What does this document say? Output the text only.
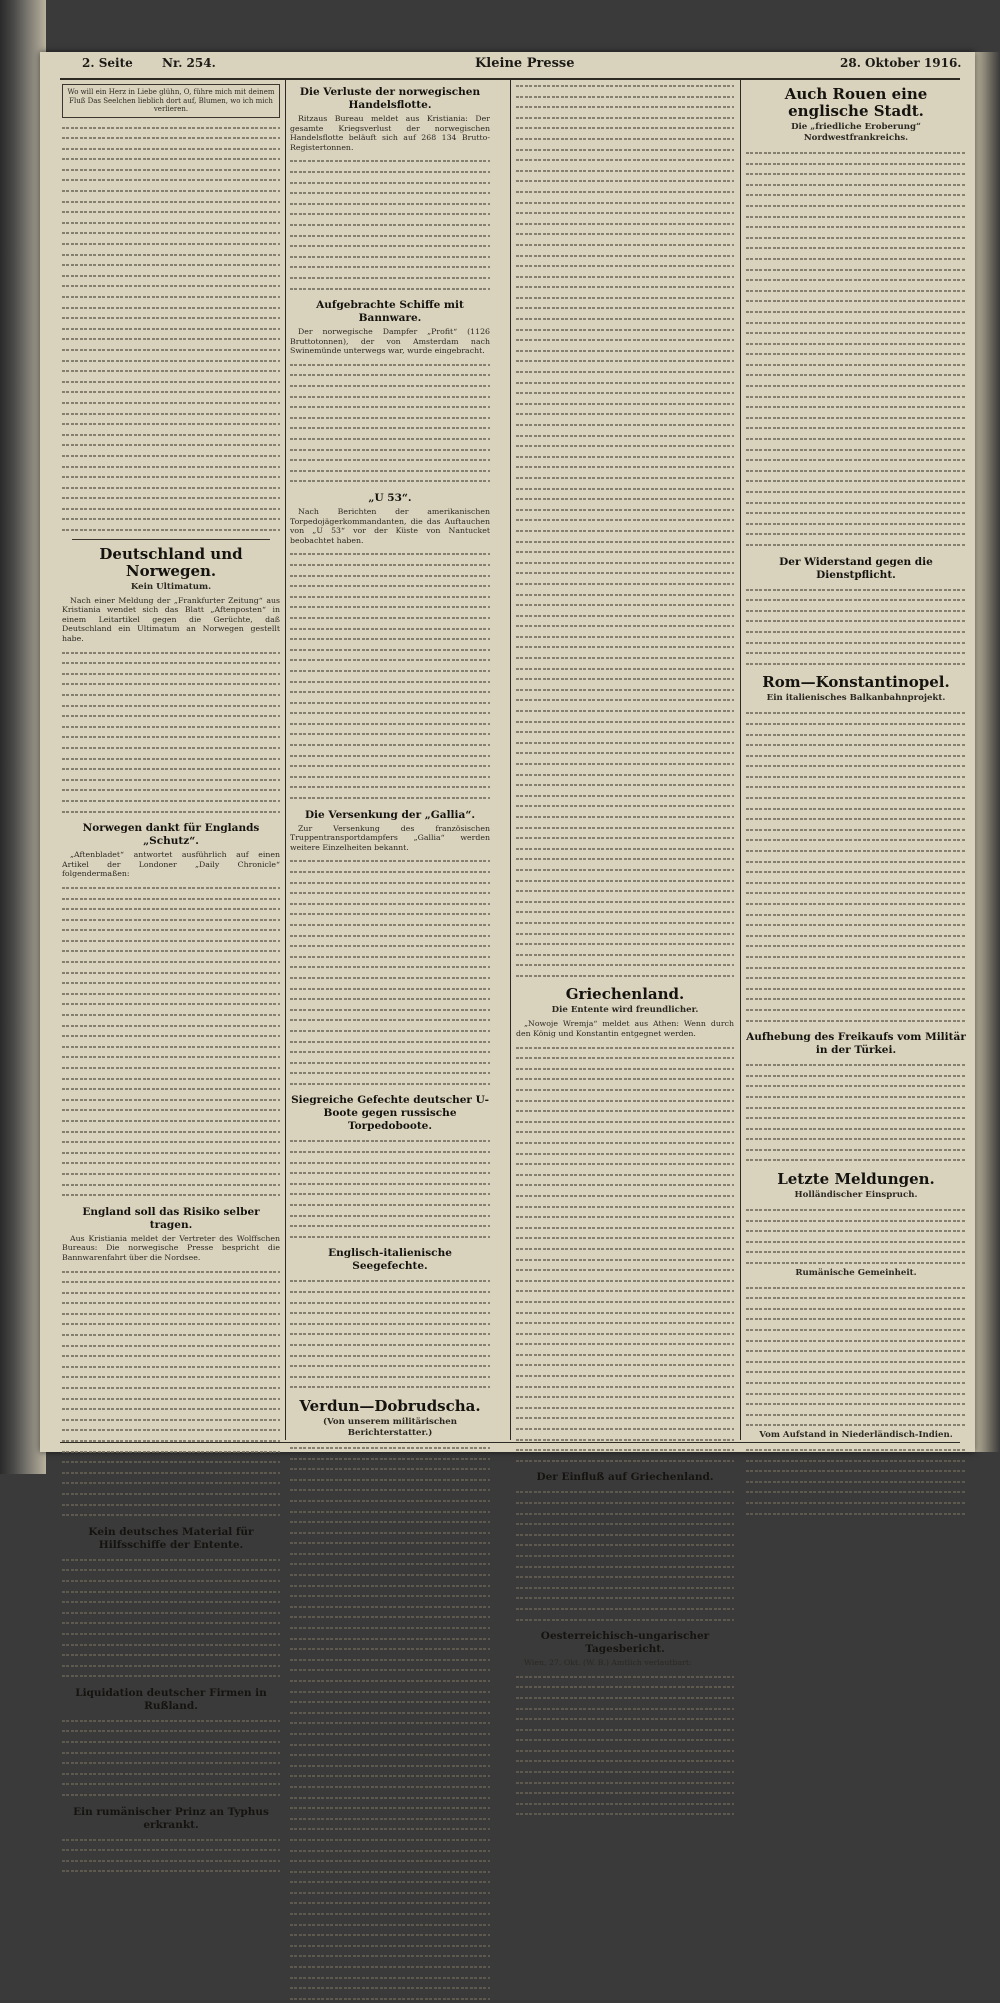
2. Seite Nr. 254.	Kleine Presse	28. Oktober 1916.
Wo will ein Herz in Liebe glühn, O, führe mich mit deinem Fluß Das Seelchen lieblich dort auf, Blumen, wo ich mich verlieren.
Deutschland und Norwegen.
Kein Ultimatum.

Nach einer Meldung der „Frankfurter Zeitung“ aus Kristiania wendet sich das Blatt „Aftenposten“ in einem Leitartikel gegen die Gerüchte, daß Deutschland ein Ultimatum an Norwegen gestellt habe.

Norwegen dankt für Englands „Schutz“.

„Aftenbladet“ antwortet ausführlich auf einen Artikel der Londoner „Daily Chronicle“ folgendermaßen:

England soll das Risiko selber tragen.

Aus Kristiania meldet der Vertreter des Wolffschen Bureaus: Die norwegische Presse bespricht die Bannwarenfahrt über die Nordsee.

Kein deutsches Material für Hilfsschiffe der Entente.
Liquidation deutscher Firmen in Rußland.
Ein rumänischer Prinz an Typhus erkrankt.
Die Verluste der norwegischen Handelsflotte.

Ritzaus Bureau meldet aus Kristiania: Der gesamte Kriegsverlust der norwegischen Handelsflotte beläuft sich auf 268 134 Brutto-Registertonnen.

Aufgebrachte Schiffe mit Bannware.

Der norwegische Dampfer „Profit“ (1126 Bruttotonnen), der von Amsterdam nach Swinemünde unterwegs war, wurde eingebracht.

„U 53“.

Nach Berichten der amerikanischen Torpedojägerkommandanten, die das Auftauchen von „U 53“ vor der Küste von Nantucket beobachtet haben.

Die Versenkung der „Gallia“.

Zur Versenkung des französischen Truppentransportdampfers „Gallia“ werden weitere Einzelheiten bekannt.

Siegreiche Gefechte deutscher U-Boote gegen russische Torpedoboote.
Englisch-italienische Seegefechte.
Verdun—Dobrudscha.
(Von unserem militärischen Berichterstatter.)
Griechenland.
Die Entente wird freundlicher.

„Nowoje Wremja“ meldet aus Athen: Wenn durch den König und Konstantin entgegnet werden.

Der Einfluß auf Griechenland.
Oesterreichisch-ungarischer Tagesbericht.

Wien, 27. Okt. (W. B.) Amtlich verlautbart:

Auch Rouen eine englische Stadt.
Die „friedliche Eroberung“ Nordwestfrankreichs.
Der Widerstand gegen die Dienstpflicht.
Rom—Konstantinopel.
Ein italienisches Balkanbahnprojekt.
Aufhebung des Freikaufs vom Militär in der Türkei.
Letzte Meldungen.
Holländischer Einspruch.
Rumänische Gemeinheit.
Vom Aufstand in Niederländisch-Indien.
